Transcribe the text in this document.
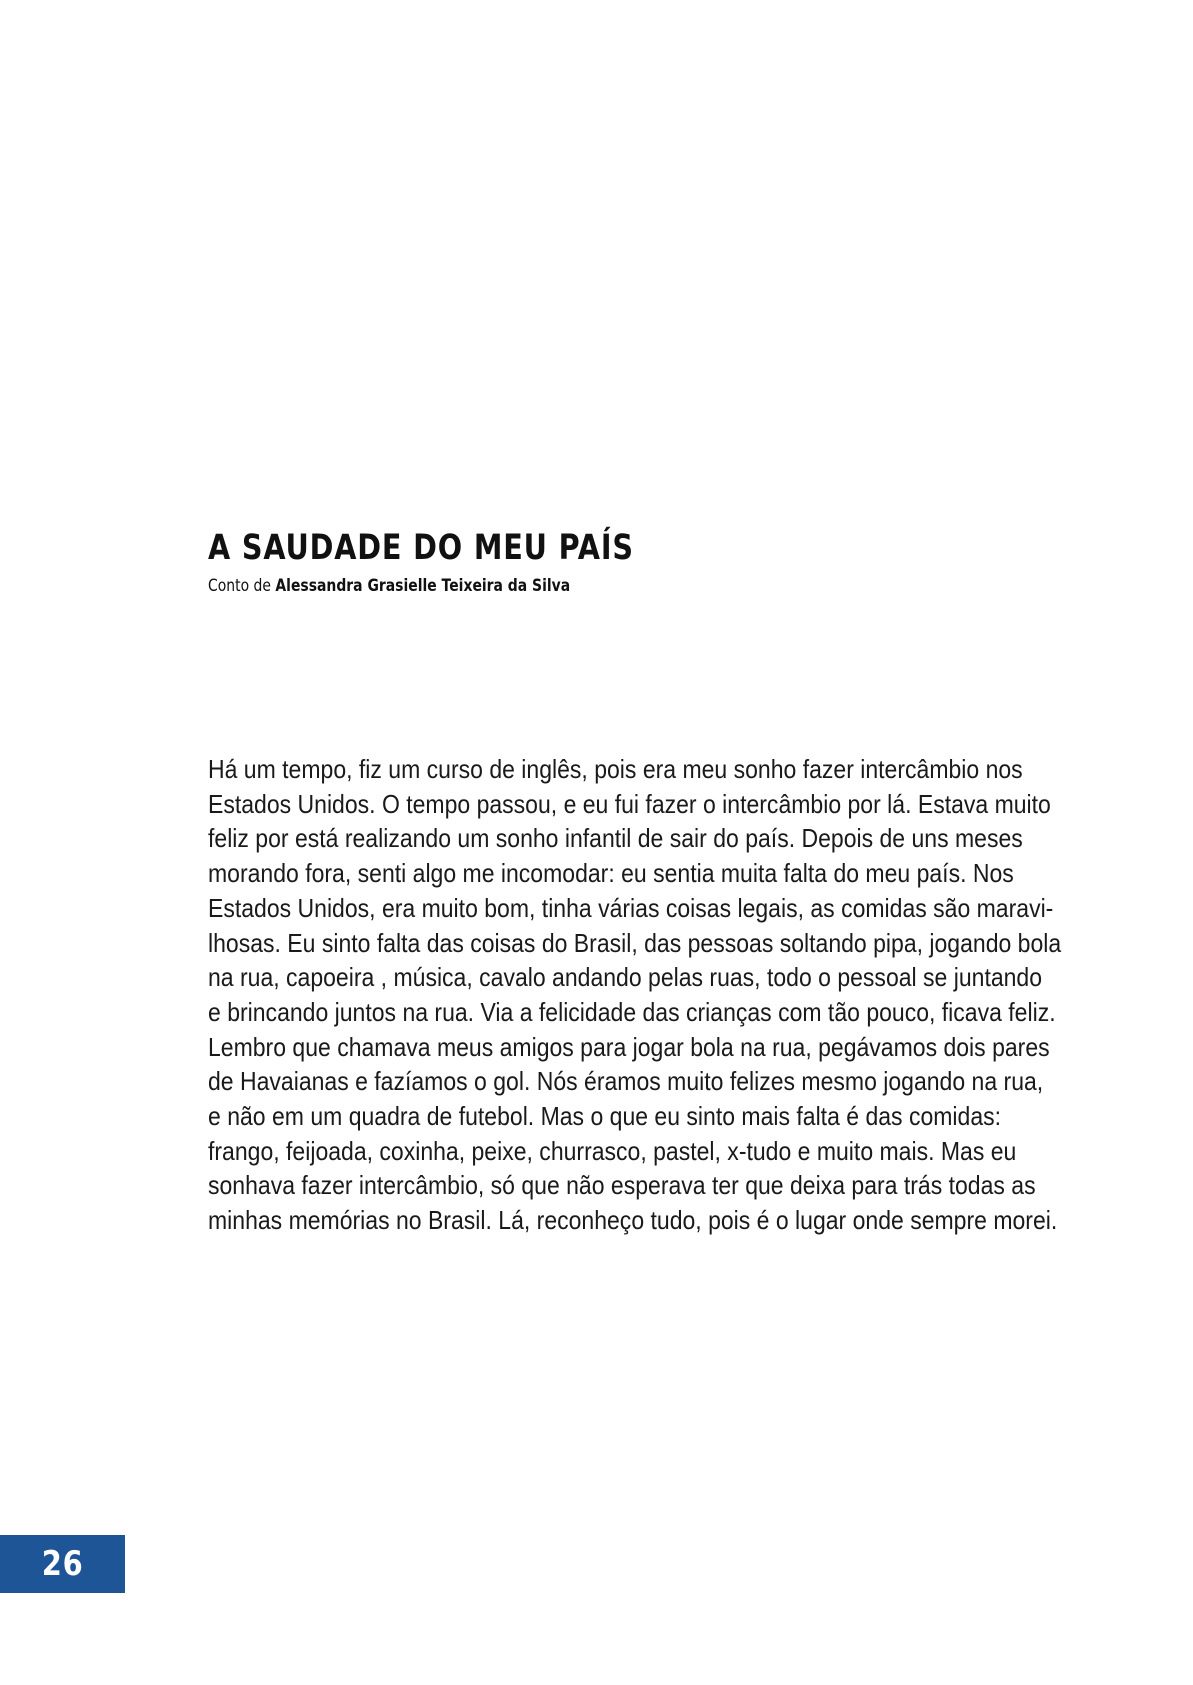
A SAUDADE DO MEU PAÍS
Conto de Alessandra Grasielle Teixeira da Silva
Há um tempo, fiz um curso de inglês, pois era meu sonho fazer intercâmbio nos
Estados Unidos. O tempo passou, e eu fui fazer o intercâmbio por lá. Estava muito
feliz por está realizando um sonho infantil de sair do país. Depois de uns meses
morando fora, senti algo me incomodar: eu sentia muita falta do meu país. Nos
Estados Unidos, era muito bom, tinha várias coisas legais, as comidas são maravi-
lhosas. Eu sinto falta das coisas do Brasil, das pessoas soltando pipa, jogando bola
na rua, capoeira , música, cavalo andando pelas ruas, todo o pessoal se juntando
e brincando juntos na rua. Via a felicidade das crianças com tão pouco, ficava feliz.
Lembro que chamava meus amigos para jogar bola na rua, pegávamos dois pares
de Havaianas e fazíamos o gol. Nós éramos muito felizes mesmo jogando na rua,
e não em um quadra de futebol. Mas o que eu sinto mais falta é das comidas:
frango, feijoada, coxinha, peixe, churrasco, pastel, x-tudo e muito mais. Mas eu
sonhava fazer intercâmbio, só que não esperava ter que deixa para trás todas as
minhas memórias no Brasil. Lá, reconheço tudo, pois é o lugar onde sempre morei.
26
